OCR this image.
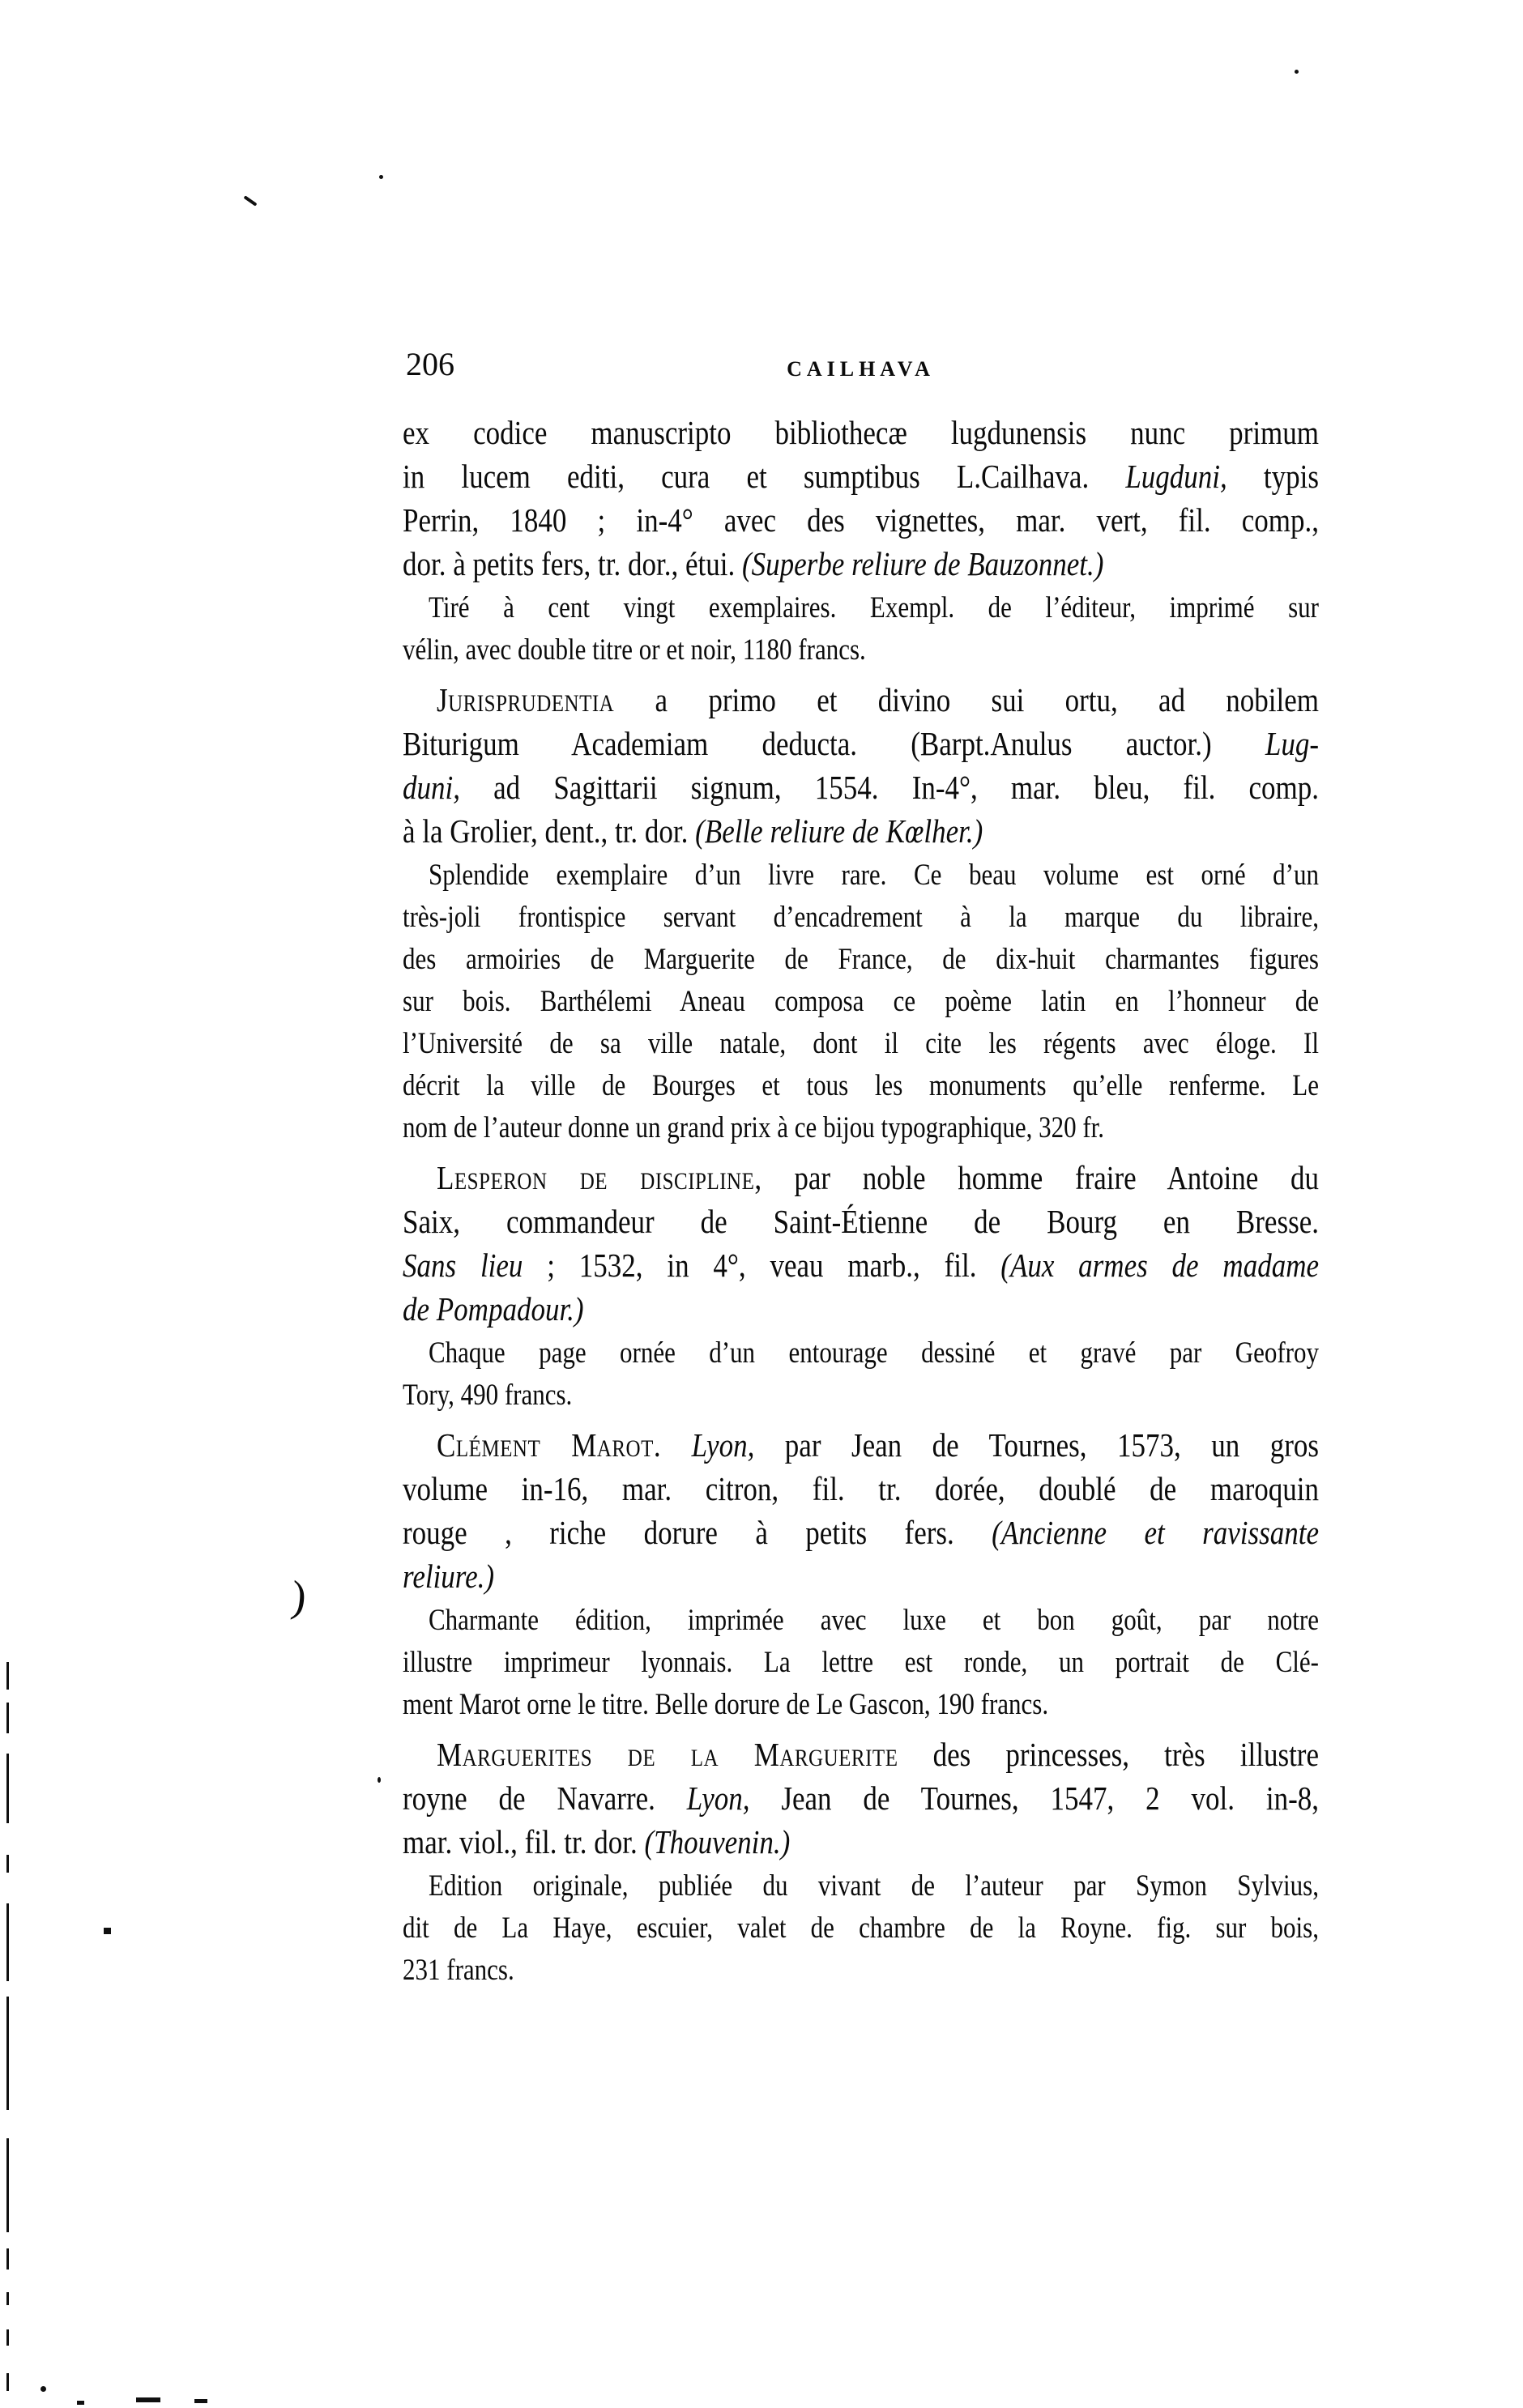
206	CAILHAVA
ex codice manuscripto bibliothecæ lugdunensis nunc primum
in lucem editi, cura et sumptibus L.Cailhava. Lugduni, typis
Perrin, 1840 ; in-4° avec des vignettes, mar. vert, fil. comp.,
dor. à petits fers, tr. dor., étui. (Superbe reliure de Bauzonnet.)
Tiré à cent vingt exemplaires. Exempl. de l’éditeur, imprimé sur
vélin, avec double titre or et noir, 1180 francs.
Jurisprudentia a primo et divino sui ortu, ad nobilem
Biturigum Academiam deducta. (Barpt.Anulus auctor.) Lug-
duni, ad Sagittarii signum, 1554. In-4°, mar. bleu, fil. comp.
à la Grolier, dent., tr. dor. (Belle reliure de Kœlher.)
Splendide exemplaire d’un livre rare. Ce beau volume est orné d’un
très-joli frontispice servant d’encadrement à la marque du libraire,
des armoiries de Marguerite de France, de dix-huit charmantes figures
sur bois. Barthélemi Aneau composa ce poème latin en l’honneur de
l’Université de sa ville natale, dont il cite les régents avec éloge. Il
décrit la ville de Bourges et tous les monuments qu’elle renferme. Le
nom de l’auteur donne un grand prix à ce bijou typographique, 320 fr.
Lesperon de discipline, par noble homme fraire Antoine du
Saix, commandeur de Saint-Étienne de Bourg en Bresse.
Sans lieu ; 1532, in 4°, veau marb., fil. (Aux armes de madame
de Pompadour.)
Chaque page ornée d’un entourage dessiné et gravé par Geofroy
Tory, 490 francs.
Clément Marot. Lyon, par Jean de Tournes, 1573, un gros
volume in-16, mar. citron, fil. tr. dorée, doublé de maroquin
rouge , riche dorure à petits fers. (Ancienne et ravissante
reliure.)
Charmante édition, imprimée avec luxe et bon goût, par notre
illustre imprimeur lyonnais. La lettre est ronde, un portrait de Clé-
ment Marot orne le titre. Belle dorure de Le Gascon, 190 francs.
Marguerites de la Marguerite des princesses, très illustre
royne de Navarre. Lyon, Jean de Tournes, 1547, 2 vol. in-8,
mar. viol., fil. tr. dor. (Thouvenin.)
Edition originale, publiée du vivant de l’auteur par Symon Sylvius,
dit de La Haye, escuier, valet de chambre de la Royne. fig. sur bois,
231 francs.
)
